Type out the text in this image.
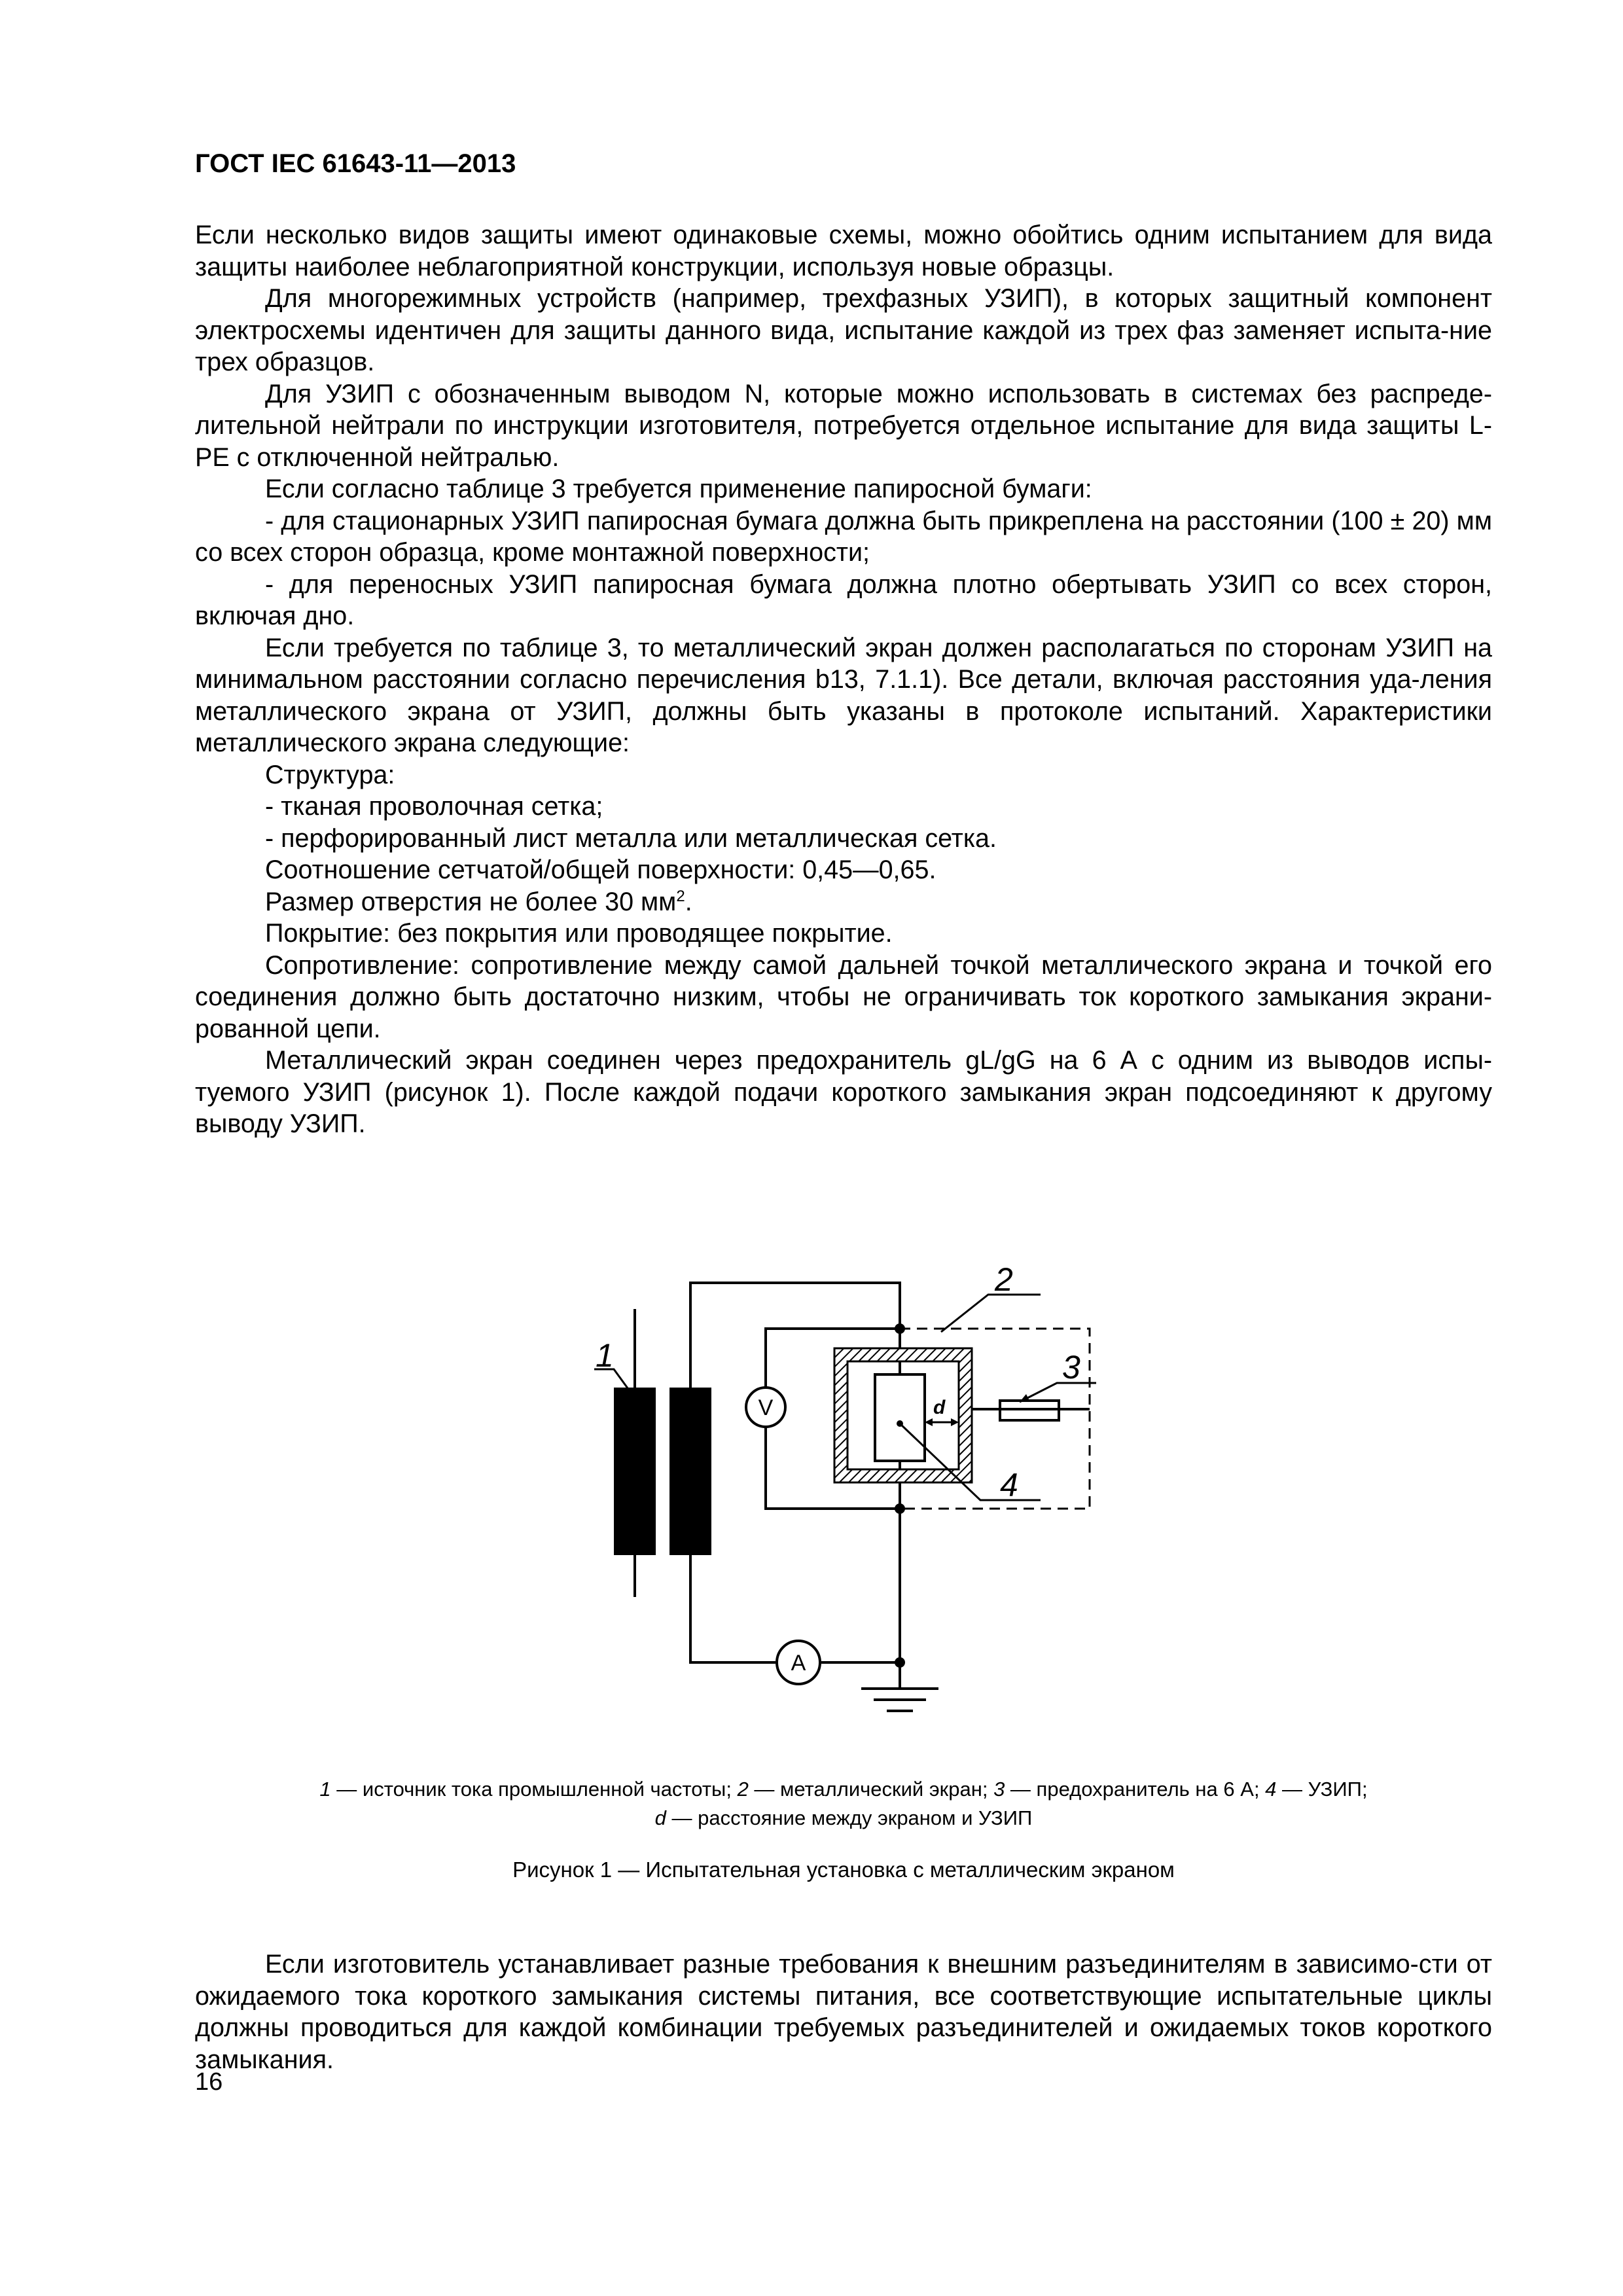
ГОСТ IEC 61643-11—2013

Если несколько видов защиты имеют одинаковые схемы, можно обойтись одним испытанием для вида защиты наиболее неблагоприятной конструкции, используя новые образцы.

Для многорежимных устройств (например, трехфазных УЗИП), в которых защитный компонент электросхемы идентичен для защиты данного вида, испытание каждой из трех фаз заменяет испыта-ние трех образцов.

Для УЗИП с обозначенным выводом N, которые можно использовать в системах без распреде-лительной нейтрали по инструкции изготовителя, потребуется отдельное испытание для вида защиты L-PE с отключенной нейтралью.

Если согласно таблице 3 требуется применение папиросной бумаги:

- для стационарных УЗИП папиросная бумага должна быть прикреплена на расстоянии (100 ± 20) мм со всех сторон образца, кроме монтажной поверхности;

- для переносных УЗИП папиросная бумага должна плотно обертывать УЗИП со всех сторон, включая дно.

Если требуется по таблице 3, то металлический экран должен располагаться по сторонам УЗИП на минимальном расстоянии согласно перечисления b13, 7.1.1). Все детали, включая расстояния уда-ления металлического экрана от УЗИП, должны быть указаны в протоколе испытаний. Характеристики металлического экрана следующие:

Структура:

- тканая проволочная сетка;

- перфорированный лист металла или металлическая сетка.

Соотношение сетчатой/общей поверхности: 0,45—0,65.

Размер отверстия не более 30 $мм^2$.

Покрытие: без покрытия или проводящее покрытие.

Сопротивление: сопротивление между самой дальней точкой металлического экрана и точкой его соединения должно быть достаточно низким, чтобы не ограничивать ток короткого замыкания экрани-рованной цепи.

Металлический экран соединен через предохранитель gL/gG на 6 А с одним из выводов испы-туемого УЗИП (рисунок 1). После каждой подачи короткого замыкания экран подсоединяют к другому выводу УЗИП.

V
A
d
1
2
3
4
1 — источник тока промышленной частоты; 2 — металлический экран; 3 — предохранитель на 6 А; 4 — УЗИП;
d — расстояние между экраном и УЗИП
Рисунок 1 — Испытательная установка с металлическим экраном

Если изготовитель устанавливает разные требования к внешним разъединителям в зависимо-сти от ожидаемого тока короткого замыкания системы питания, все соответствующие испытательные циклы должны проводиться для каждой комбинации требуемых разъединителей и ожидаемых токов короткого замыкания.

16
